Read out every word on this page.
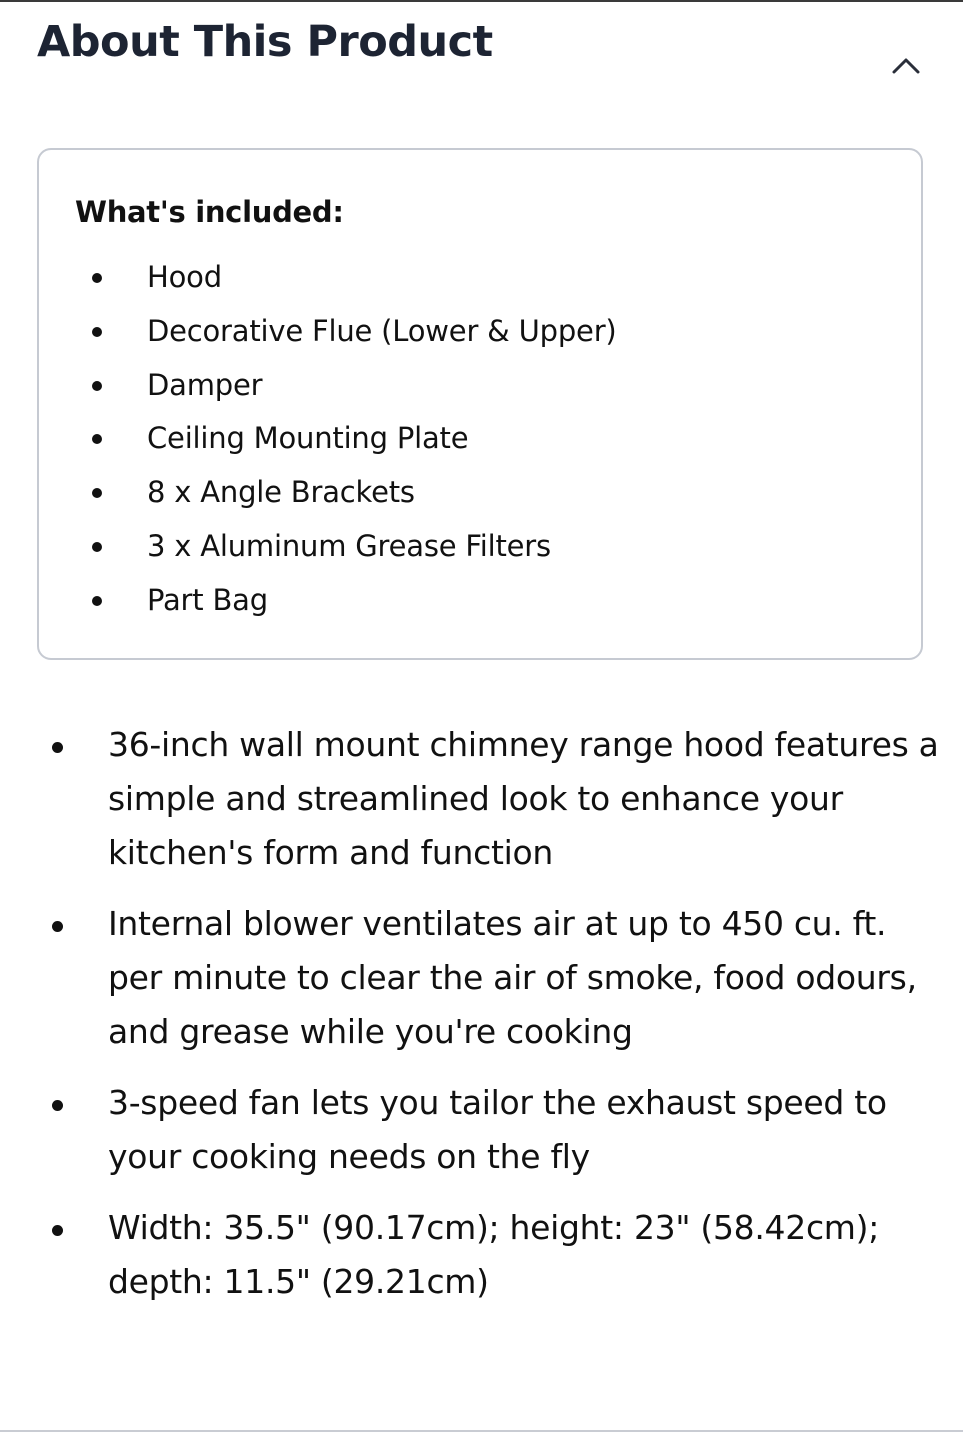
About This Product
What's included:
Hood
Decorative Flue (Lower & Upper)
Damper
Ceiling Mounting Plate
8 x Angle Brackets
3 x Aluminum Grease Filters
Part Bag
36-inch wall mount chimney range hood features a simple and streamlined look to enhance your kitchen's form and function
Internal blower ventilates air at up to 450 cu. ft. per minute to clear the air of smoke, food odours, and grease while you're cooking
3-speed fan lets you tailor the exhaust speed to your cooking needs on the fly
Width: 35.5" (90.17cm); height: 23" (58.42cm); depth: 11.5" (29.21cm)
